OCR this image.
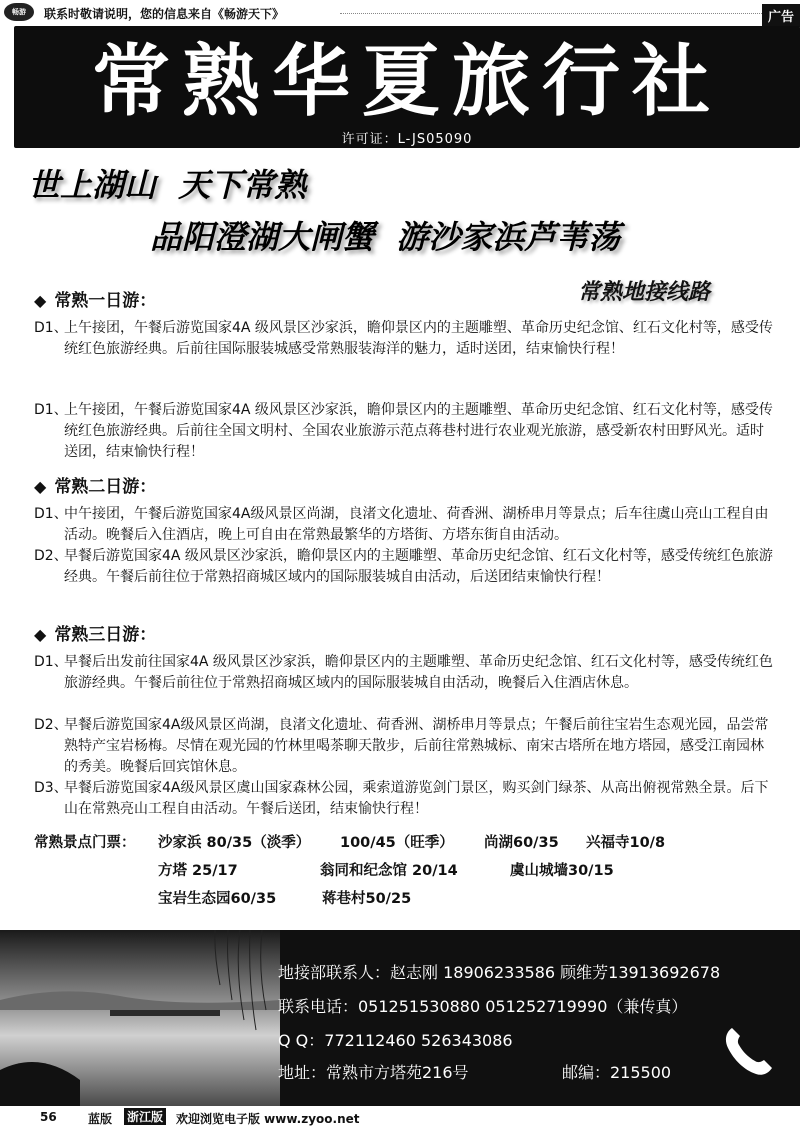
畅游	联系时敬请说明，您的信息来自《畅游天下》	广告
常熟华夏旅行社
许可证：L-JS05090
世上湖山  天下常熟
品阳澄湖大闸蟹  游沙家浜芦苇荡
常熟地接线路
◆ 常熟一日游：
D1、
上午接团，午餐后游览国家4A 级风景区沙家浜，瞻仰景区内的主题雕塑、革命历史纪念馆、红石文化村等，感受传统红色旅游经典。后前往国际服装城感受常熟服装海洋的魅力，适时送团，结束愉快行程！
D1、
上午接团，午餐后游览国家4A 级风景区沙家浜，瞻仰景区内的主题雕塑、革命历史纪念馆、红石文化村等，感受传统红色旅游经典。后前往全国文明村、全国农业旅游示范点蒋巷村进行农业观光旅游，感受新农村田野风光。适时送团，结束愉快行程！
◆ 常熟二日游：
D1、
中午接团，午餐后游览国家4A级风景区尚湖，良渚文化遗址、荷香洲、湖桥串月等景点；后车往虞山亮山工程自由活动。晚餐后入住酒店，晚上可自由在常熟最繁华的方塔街、方塔东街自由活动。
D2、
早餐后游览国家4A 级风景区沙家浜，瞻仰景区内的主题雕塑、革命历史纪念馆、红石文化村等，感受传统红色旅游经典。午餐后前往位于常熟招商城区域内的国际服装城自由活动，后送团结束愉快行程！
◆ 常熟三日游：
D1、
早餐后出发前往国家4A 级风景区沙家浜，瞻仰景区内的主题雕塑、革命历史纪念馆、红石文化村等，感受传统红色旅游经典。午餐后前往位于常熟招商城区域内的国际服装城自由活动，晚餐后入住酒店休息。
D2、
早餐后游览国家4A级风景区尚湖，良渚文化遗址、荷香洲、湖桥串月等景点；午餐后前往宝岩生态观光园，品尝常熟特产宝岩杨梅。尽情在观光园的竹林里喝茶聊天散步，后前往常熟城标、南宋古塔所在地方塔园，感受江南园林的秀美。晚餐后回宾馆休息。
D3、
早餐后游览国家4A级风景区虞山国家森林公园，乘索道游览剑门景区，购买剑门绿茶、从高出俯视常熟全景。后下山在常熟亮山工程自由活动。午餐后送团，结束愉快行程！
常熟景点门票： 沙家浜 80/35（淡季） 100/45（旺季） 尚湖60/35 兴福寺10/8
方塔 25/17	翁同和纪念馆 20/14	虞山城墙30/15
宝岩生态园60/35	蒋巷村50/25
地接部联系人：赵志刚 18906233586 顾维芳13913692678
联系电话：051251530880 051252719990（兼传真）
Q Q：772112460 526343086
地址：常熟市方塔苑216号	邮编：215500
56	蓝版 浙江版 欢迎浏览电子版 www.zyoo.net
